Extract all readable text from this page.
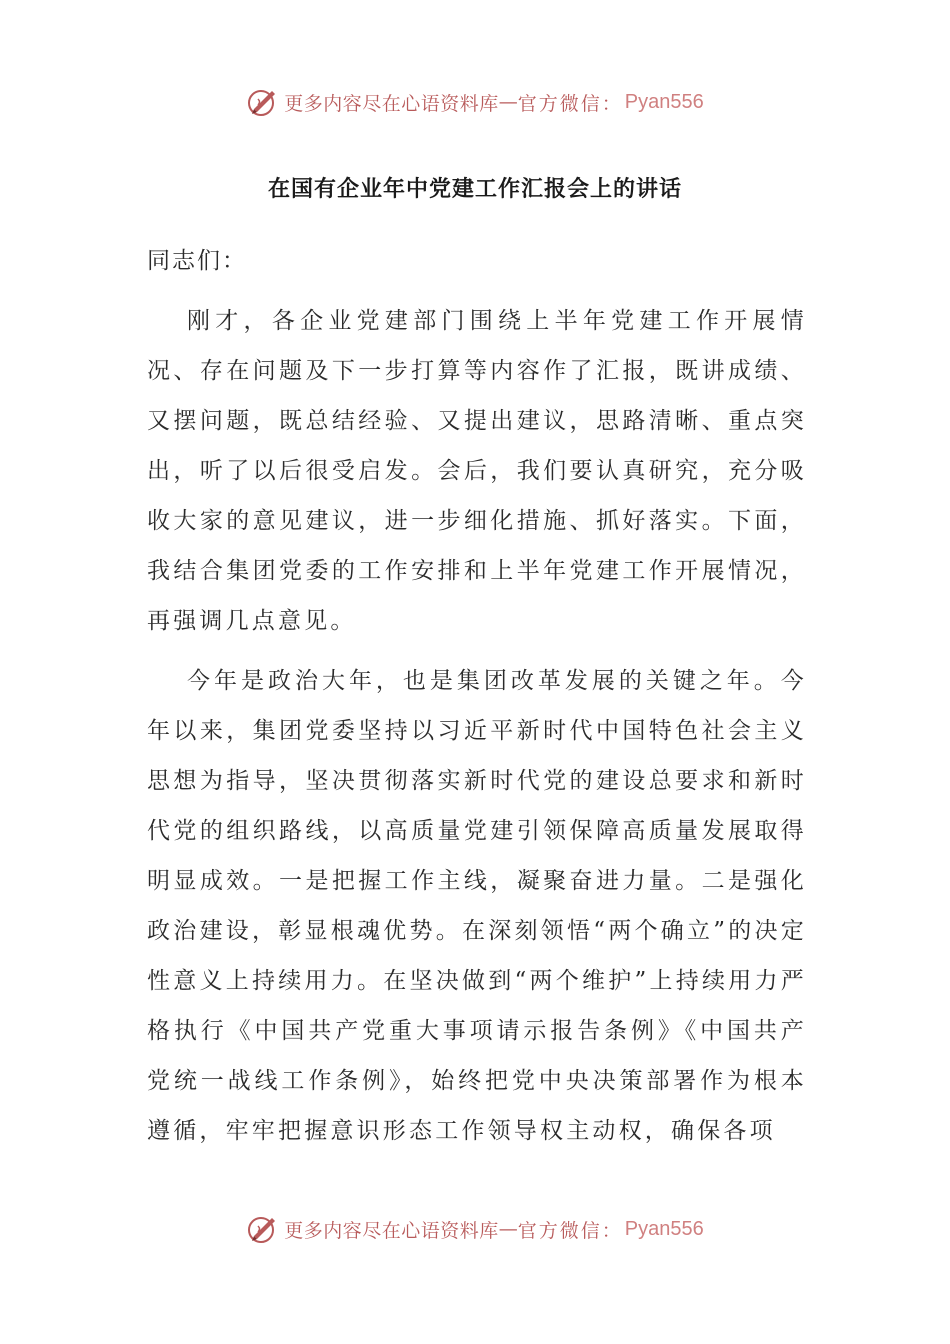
更多内容尽在心语资料库 — 官方微信： Pyan556
在国有企业年中党建工作汇报会上的讲话

同志们：

刚才，各企业党建部门围绕上半年党建工作开展情况、存在问题及下一步打算等内容作了汇报，既讲成绩、又摆问题，既总结经验、又提出建议，思路清晰、重点突出，听了以后很受启发。会后，我们要认真研究，充分吸收大家的意见建议，进一步细化措施、抓好落实。下面，我结合集团党委的工作安排和上半年党建工作开展情况，再强调几点意见。

今年是政治大年，也是集团改革发展的关键之年。今年以来，集团党委坚持以习近平新时代中国特色社会主义思想为指导，坚决贯彻落实新时代党的建设总要求和新时代党的组织路线，以高质量党建引领保障高质量发展取得明显成效。一是把握工作主线，凝聚奋进力量。二是强化政治建设，彰显根魂优势。在深刻领悟“两个确立”的决定性意义上持续用力。在坚决做到“两个维护”上持续用力严格执行《中国共产党重大事项请示报告条例》《中国共产党统一战线工作条例》，始终把党中央决策部署作为根本遵循，牢牢把握意识形态工作领导权主动权，确保各项

更多内容尽在心语资料库 — 官方微信： Pyan556
